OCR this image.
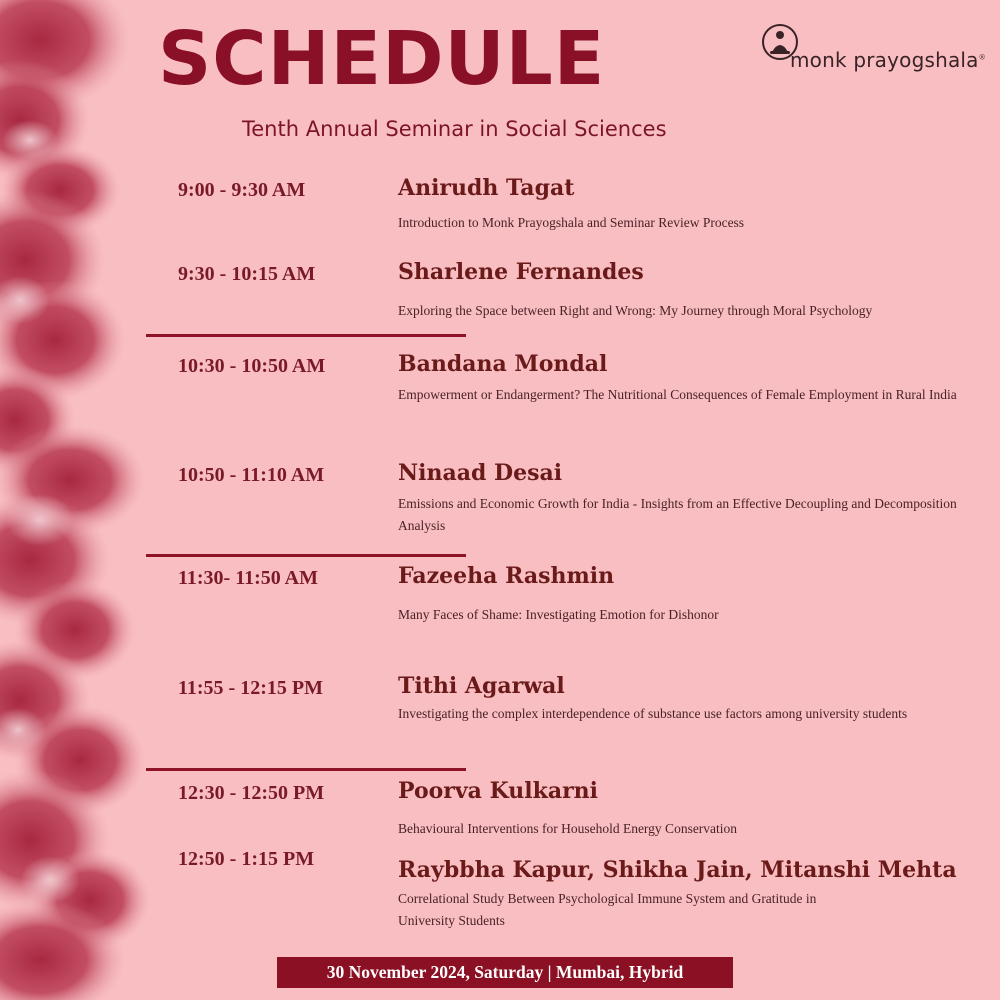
SCHEDULE
Tenth Annual Seminar in Social Sciences
monk prayogshala®
9:00 - 9:30 AM	Anirudh Tagat
Introduction to Monk Prayogshala and Seminar Review Process
9:30 - 10:15 AM	Sharlene Fernandes
Exploring the Space between Right and Wrong: My Journey through Moral Psychology
10:30 - 10:50 AM	Bandana Mondal
Empowerment or Endangerment? The Nutritional Consequences of Female Employment in Rural India
10:50 - 11:10 AM	Ninaad Desai
Emissions and Economic Growth for India - Insights from an Effective Decoupling and Decomposition Analysis
11:30- 11:50 AM	Fazeeha Rashmin
Many Faces of Shame: Investigating Emotion for Dishonor
11:55 - 12:15 PM	Tithi Agarwal
Investigating the complex interdependence of substance use factors among university students
12:30 - 12:50 PM	Poorva Kulkarni
Behavioural Interventions for Household Energy Conservation
12:50 - 1:15 PM	Raybbha Kapur, Shikha Jain, Mitanshi Mehta
Correlational Study Between Psychological Immune System and Gratitude in University Students
30 November 2024, Saturday | Mumbai, Hybrid
